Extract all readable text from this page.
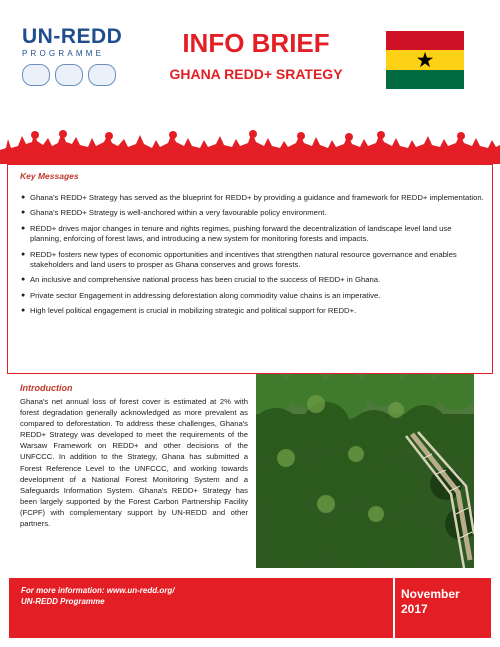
UN-REDD
PROGRAMME	INFO BRIEF
GHANA REDD+ SRATEGY
★
Key Messages
● Ghana's REDD+ Strategy has served as the blueprint for REDD+ by providing a guidance and framework for REDD+ implementation.
● Ghana's REDD+ Strategy is well-anchored within a very favourable policy environment.
● REDD+ drives major changes in tenure and rights regimes, pushing forward the decentralization of landscape level land use planning, enforcing of forest laws, and introducing a new system for monitoring forests and impacts.
● REDD+ fosters new types of economic opportunities and incentives that strengthen natural resource governance and enables stakeholders and land users to prosper as Ghana conserves and grows forests.
● An inclusive and comprehensive national process has been crucial to the success of REDD+ in Ghana.
● Private sector Engagement in addressing deforestation along commodity value chains is an imperative.
● High level political engagement is crucial in mobilizing strategic and political support for REDD+.
Introduction

Ghana's net annual loss of forest cover is estimated at 2% with forest degradation generally acknowledged as more prevalent as compared to deforestation. To address these challenges, Ghana's REDD+ Strategy was developed to meet the requirements of the Warsaw Framework on REDD+ and other decisions of the UNFCCC. In addition to the Strategy, Ghana has submitted a Forest Reference Level to the UNFCCC, and working towards development of a National Forest Monitoring System and a Safeguards Information System. Ghana's REDD+ Strategy has been largely supported by the Forest Carbon Partnership Facility (FCPF) with complementary support by UN-REDD and other partners.

For more information: www.un-redd.org/
UN-REDD Programme
November
2017
